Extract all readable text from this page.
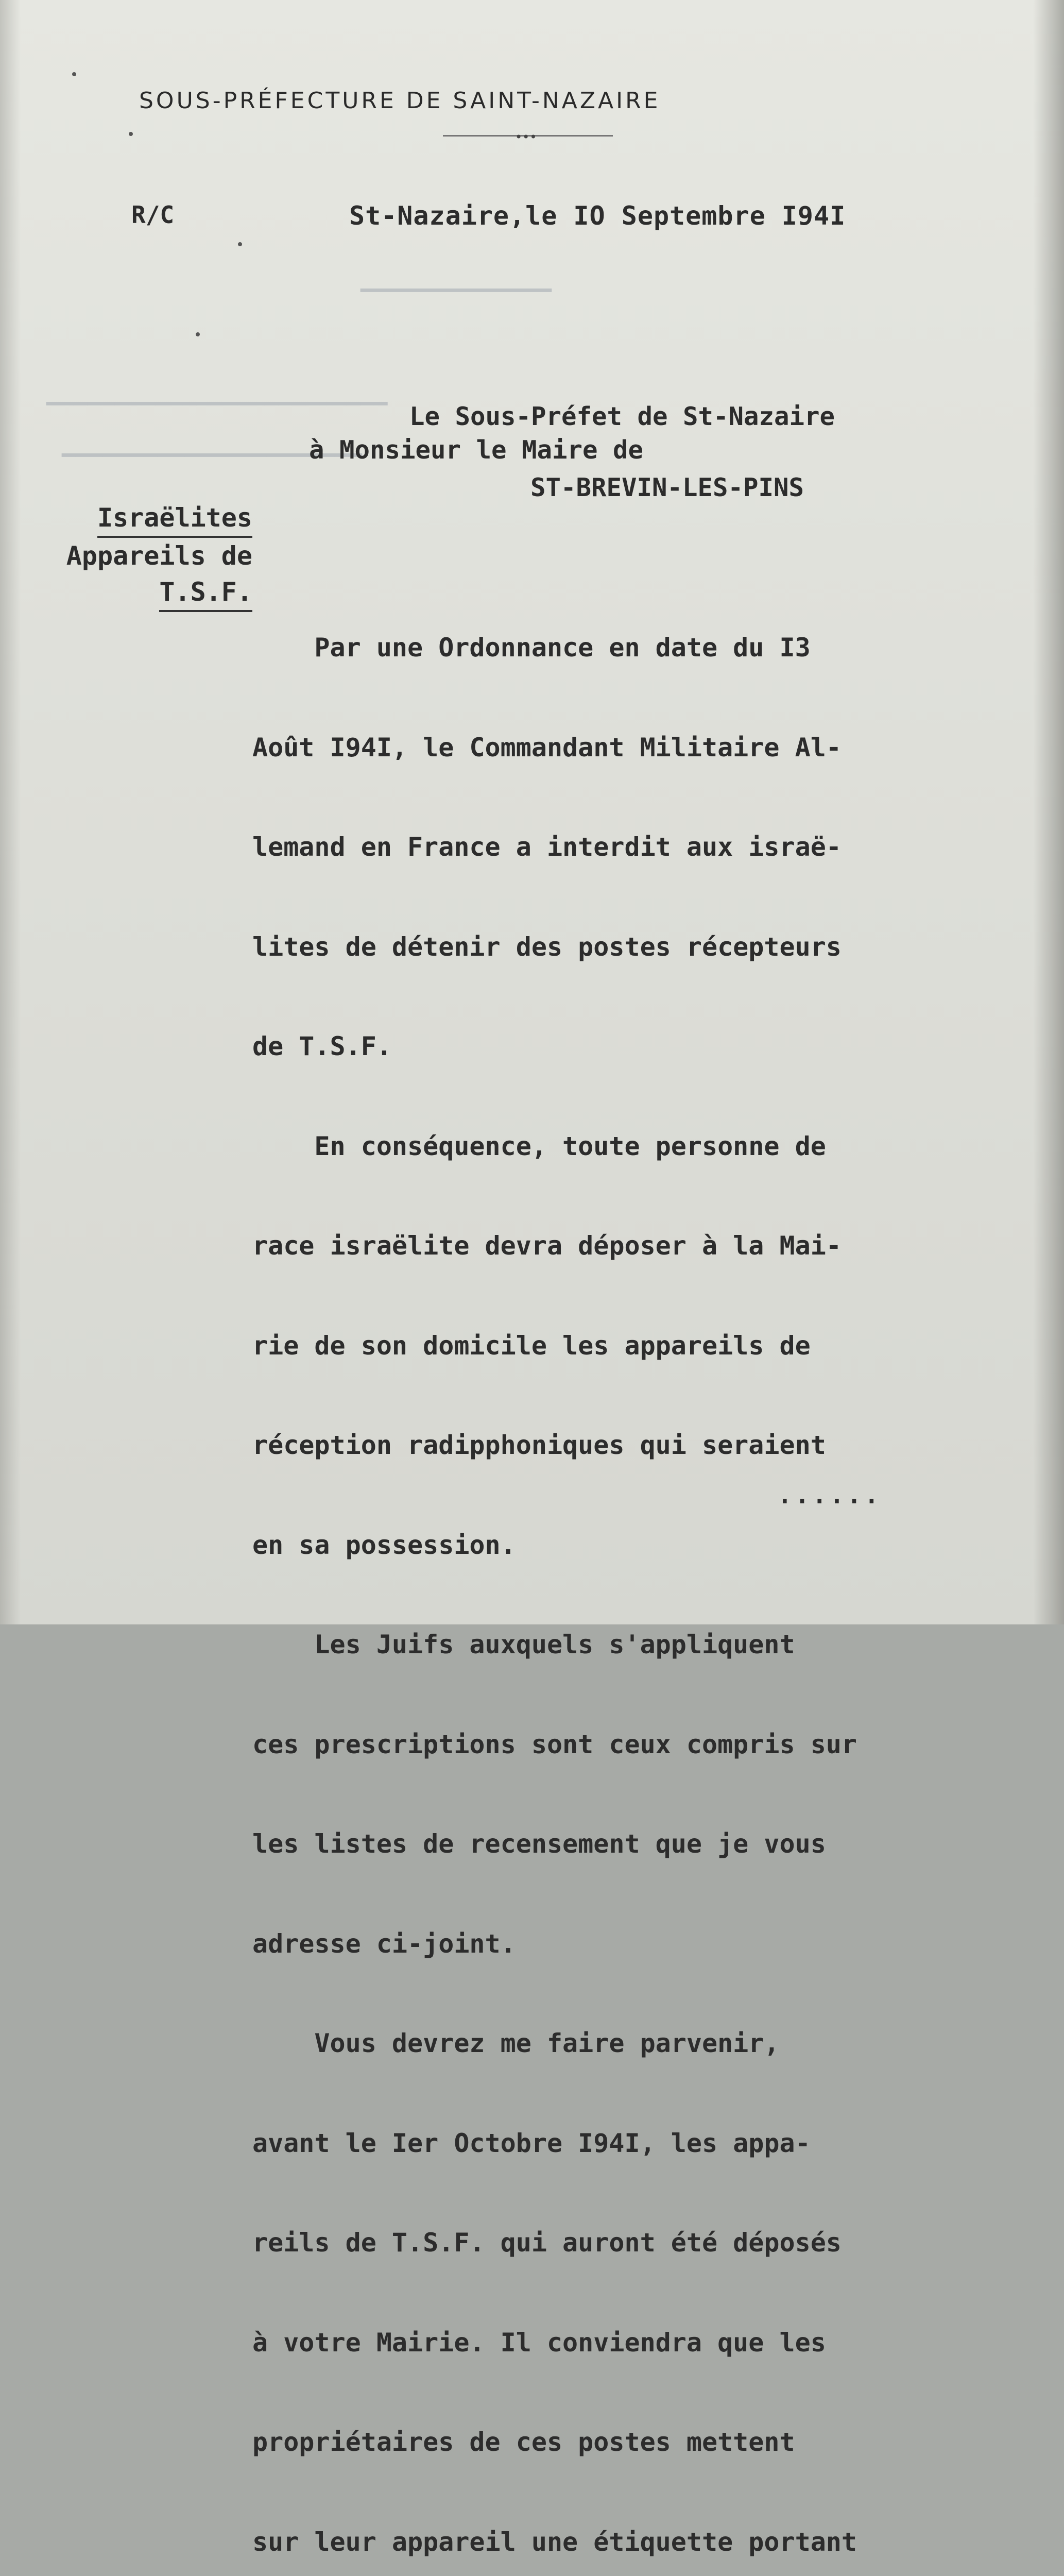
▁▁▁▁▁▁▁▁▁▁▁▁▁▁
▁▁▁▁▁▁▁▁▁▁▁▁▁▁▁▁▁▁▁▁▁▁▁▁▁
▁▁▁▁▁▁▁▁▁▁▁▁▁▁▁▁▁▁▁▁▁▁
SOUS-PRÉFECTURE DE SAINT-NAZAIRE
•••
R/C	St-Nazaire,le IO Septembre I94I
Le Sous-Préfet de St-Nazaire
à Monsieur le Maire de
ST-BREVIN-LES-PINS
Israëlites
Appareils de
T.S.F.

Par une Ordonnance en date du I3

Août I94I, le Commandant Militaire Al-

lemand en France a interdit aux israë-

lites de détenir des postes récepteurs

de T.S.F.

En conséquence, toute personne de

race israëlite devra déposer à la Mai-

rie de son domicile les appareils de

réception radipphoniques qui seraient

en sa possession.

Les Juifs auxquels s'appliquent

ces prescriptions sont ceux compris sur

les listes de recensement que je vous

adresse ci-joint.

Vous devrez me faire parvenir,

avant le Ier Octobre I94I, les appa-

reils de T.S.F. qui auront été déposés

à votre Mairie. Il conviendra que les

propriétaires de ces postes mettent

sur leur appareil une étiquette portant

......
